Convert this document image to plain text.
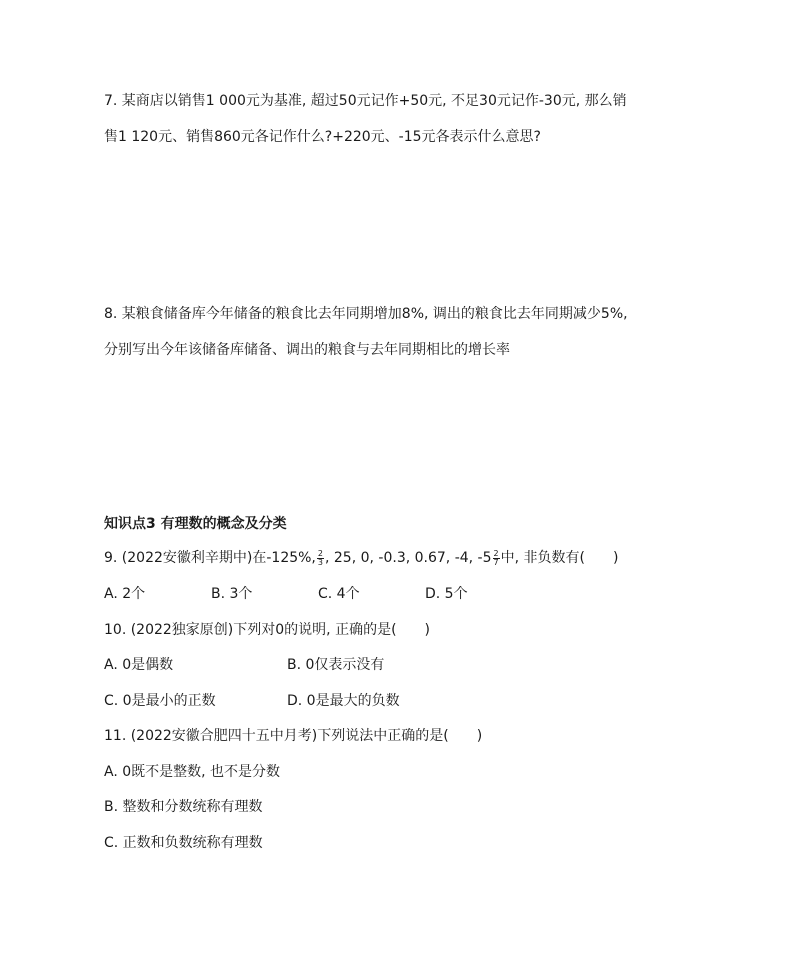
7. 某商店以销售1 000元为基准, 超过50元记作+50元, 不足30元记作-30元, 那么销
售1 120元、销售860元各记作什么?+220元、-15元各表示什么意思?
8. 某粮食储备库今年储备的粮食比去年同期增加8%, 调出的粮食比去年同期减少5%,
分别写出今年该储备库储备、调出的粮食与去年同期相比的增长率
知识点3 有理数的概念及分类
9. (2022安徽利辛期中)在-125%, $\frac{2}{3}$ , 25, 0, -0.3, 0.67, -4, $-5 \frac{2}{7}$ 中, 非负数有(　　)
A. 2个	B. 3个	C. 4个	D. 5个
10. (2022独家原创)下列对0的说明, 正确的是(　　)
A. 0是偶数	B. 0仅表示没有
C. 0是最小的正数	D. 0是最大的负数
11. (2022安徽合肥四十五中月考)下列说法中正确的是(　　)
A. 0既不是整数, 也不是分数
B. 整数和分数统称有理数
C. 正数和负数统称有理数
